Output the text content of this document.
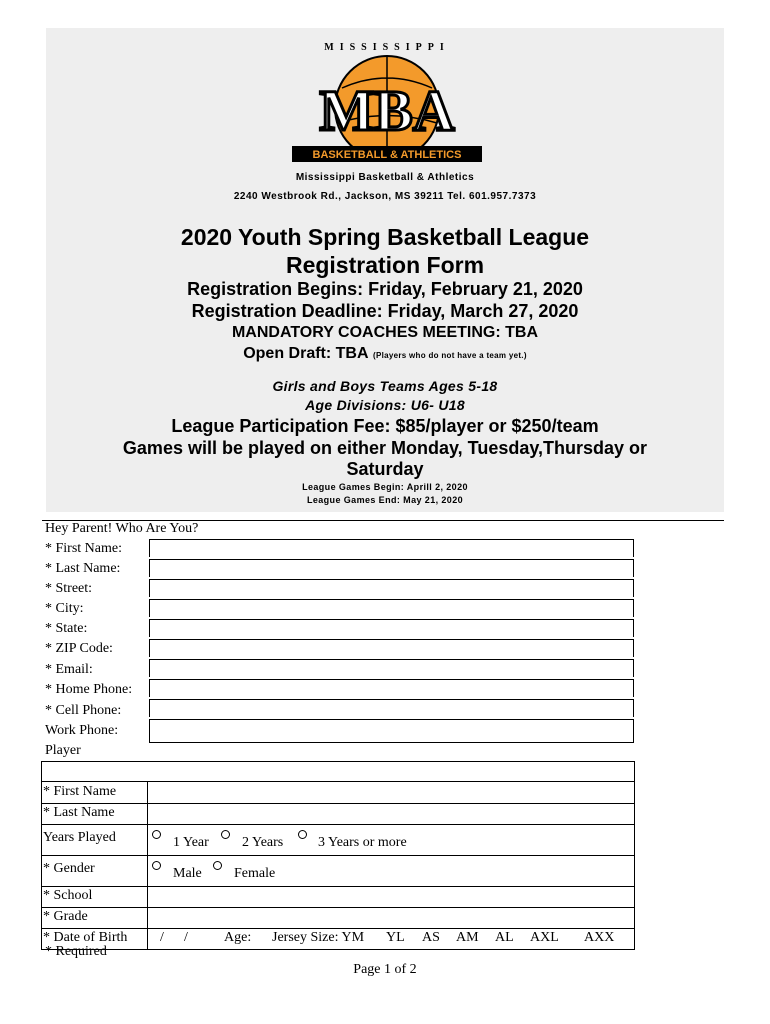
MISSISSIPPI
MBA
BASKETBALL & ATHLETICS
Mississippi Basketball & Athletics
2240 Westbrook Rd., Jackson, MS 39211 Tel. 601.957.7373
2020 Youth Spring Basketball League
Registration Form
Registration Begins: Friday, February 21, 2020
Registration Deadline: Friday, March 27, 2020
MANDATORY COACHES MEETING: TBA
Open Draft: TBA (Players who do not have a team yet.)
Girls and Boys Teams Ages 5-18
Age Divisions: U6- U18
League Participation Fee: $85/player or $250/team
Games will be played on either Monday, Tuesday,Thursday or
Saturday
League Games Begin: Aprill 2, 2020
League Games End: May 21, 2020
Hey Parent! Who Are You?
* First Name:
* Last Name:
* Street:
* City:
* State:
* ZIP Code:
* Email:
* Home Phone:
* Cell Phone:
Work Phone:
Player
* First Name
* Last Name
Years Played	1 Year 2 Years 3 Years or more
* Gender	Male Female
* School
* Grade
* Date of Birth	/ /	Age: Jersey Size: YM YL AS AM AL AXL AXX
* Required
Page 1 of 2
